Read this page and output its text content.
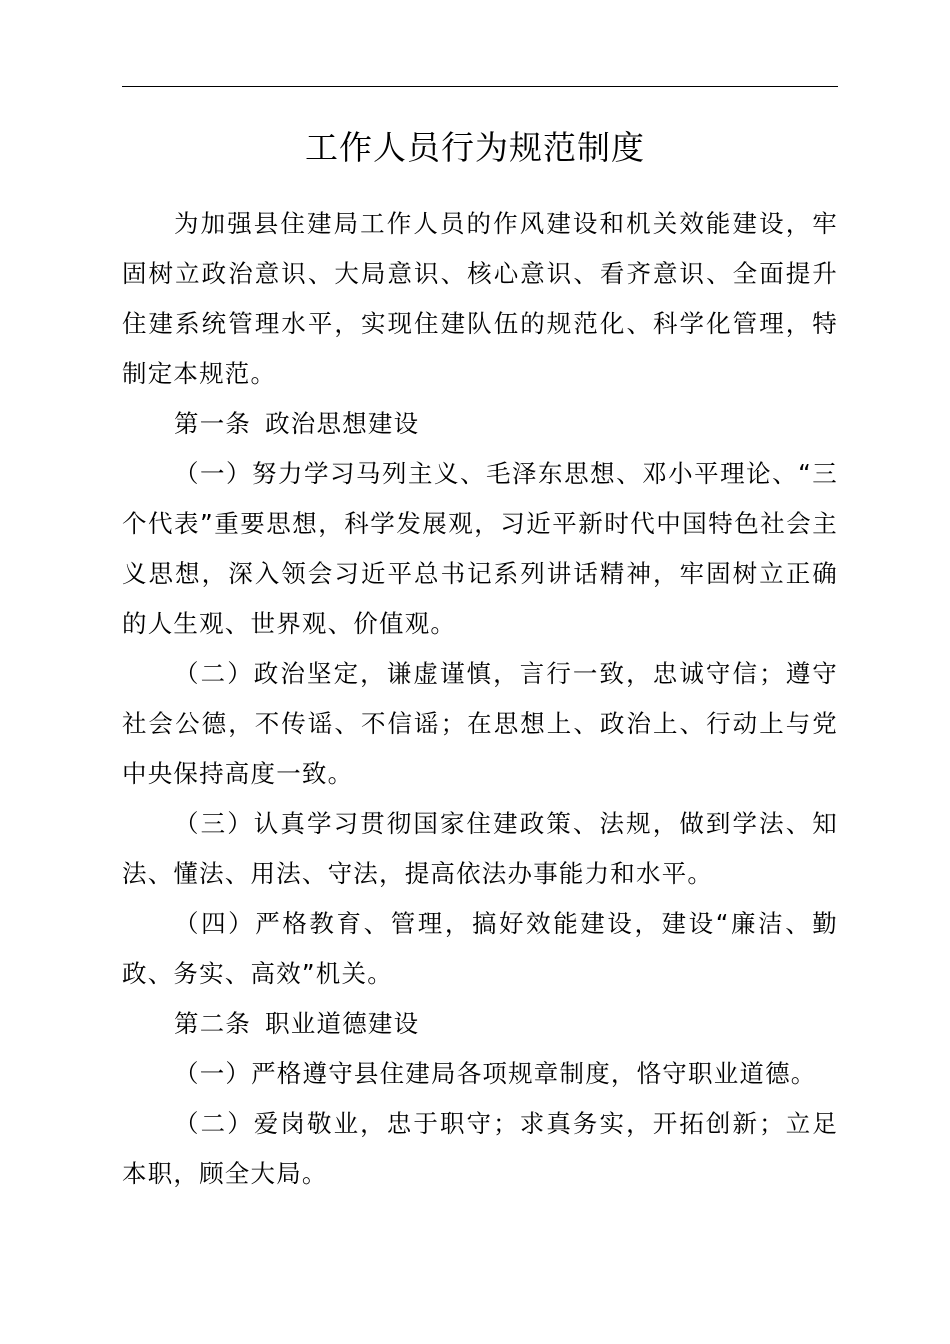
工作人员行为规范制度

为加强县住建局工作人员的作风建设和机关效能建设，牢固树立政治意识、大局意识、核心意识、看齐意识、全面提升住建系统管理水平，实现住建队伍的规范化、科学化管理，特制定本规范。

第一条 政治思想建设

（一）努力学习马列主义、毛泽东思想、邓小平理论、“三个代表”重要思想，科学发展观，习近平新时代中国特色社会主义思想，深入领会习近平总书记系列讲话精神，牢固树立正确的人生观、世界观、价值观。

（二）政治坚定，谦虚谨慎，言行一致，忠诚守信；遵守社会公德，不传谣、不信谣；在思想上、政治上、行动上与党中央保持高度一致。

（三）认真学习贯彻国家住建政策、法规，做到学法、知法、懂法、用法、守法，提高依法办事能力和水平。

（四）严格教育、管理，搞好效能建设，建设“廉洁、勤政、务实、高效”机关。

第二条 职业道德建设

（一）严格遵守县住建局各项规章制度，恪守职业道德。

（二）爱岗敬业，忠于职守；求真务实，开拓创新；立足本职，顾全大局。
